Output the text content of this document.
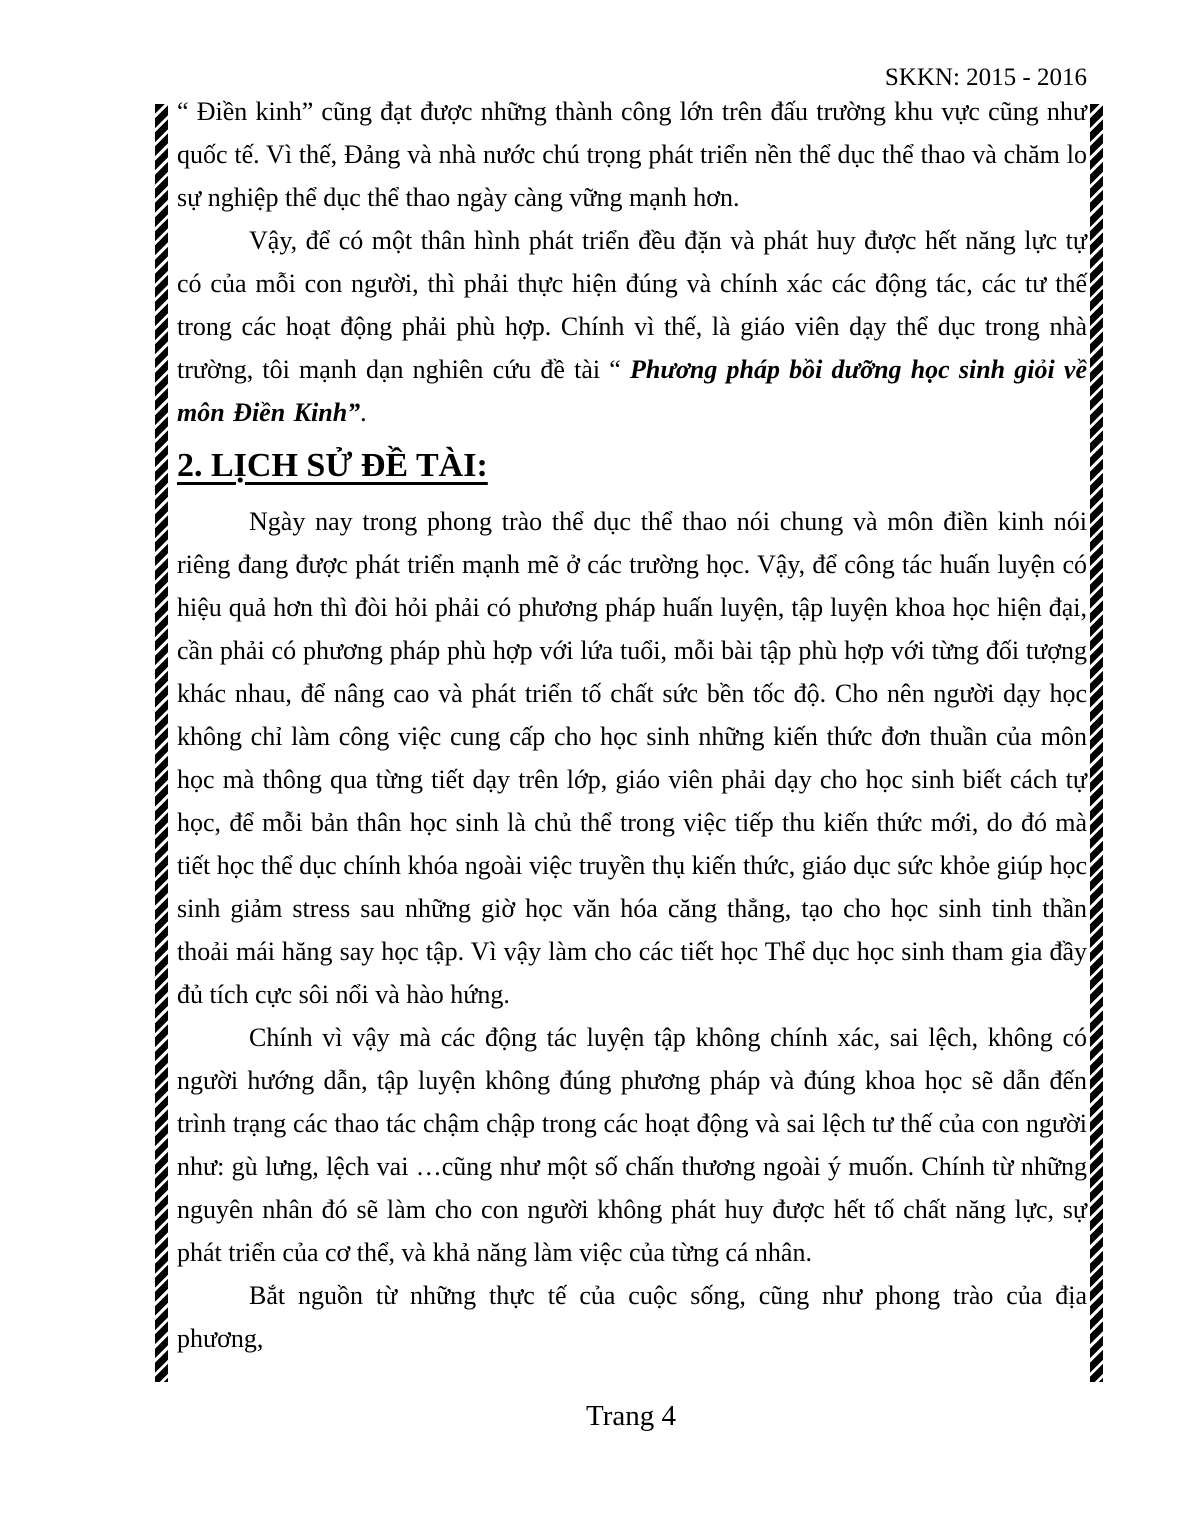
SKKN: 2015 - 2016

“ Điền kinh” cũng đạt được những thành công lớn trên đấu trường khu vực cũng như quốc tế. Vì thế, Đảng và nhà nước chú trọng phát triển nền thể dục thể thao và chăm lo sự nghiệp thể dục thể thao ngày càng vững mạnh hơn.

Vậy, để có một thân hình phát triển đều đặn và phát huy được hết năng lực tự có của mỗi con người, thì phải thực hiện đúng và chính xác các động tác, các tư thế trong các hoạt động phải phù hợp. Chính vì thế, là giáo viên dạy thể dục trong nhà trường, tôi mạnh dạn nghiên cứu đề tài “ Phương pháp bồi dưỡng học sinh giỏi về môn Điền Kinh”.

2. LỊCH SỬ ĐỀ TÀI:

Ngày nay trong phong trào thể dục thể thao nói chung và môn điền kinh nói riêng đang được phát triển mạnh mẽ ở các trường học. Vậy, để công tác huấn luyện có hiệu quả hơn thì đòi hỏi phải có phương pháp huấn luyện, tập luyện khoa học hiện đại, cần phải có phương pháp phù hợp với lứa tuổi, mỗi bài tập phù hợp với từng đối tượng khác nhau, để nâng cao và phát triển tố chất sức bền tốc độ. Cho nên người dạy học không chỉ làm công việc cung cấp cho học sinh những kiến thức đơn thuần của môn học mà thông qua từng tiết dạy trên lớp, giáo viên phải dạy cho học sinh biết cách tự học, để mỗi bản thân học sinh là chủ thể trong việc tiếp thu kiến thức mới, do đó mà tiết học thể dục chính khóa ngoài việc truyền thụ kiến thức, giáo dục sức khỏe giúp học sinh giảm stress sau những giờ học văn hóa căng thẳng, tạo cho học sinh tinh thần thoải mái hăng say học tập. Vì vậy làm cho các tiết học Thể dục học sinh tham gia đầy đủ tích cực sôi nổi và hào hứng.

Chính vì vậy mà các động tác luyện tập không chính xác, sai lệch, không có người hướng dẫn, tập luyện không đúng phương pháp và đúng khoa học sẽ dẫn đến trình trạng các thao tác chậm chập trong các hoạt động và sai lệch tư thế của con người như: gù lưng, lệch vai …cũng như một số chấn thương ngoài ý muốn. Chính từ những nguyên nhân đó sẽ làm cho con người không phát huy được hết tố chất năng lực, sự phát triển của cơ thể, và khả năng làm việc của từng cá nhân.

Bắt nguồn từ những thực tế của cuộc sống, cũng như phong trào của địa phương,

Trang 4
